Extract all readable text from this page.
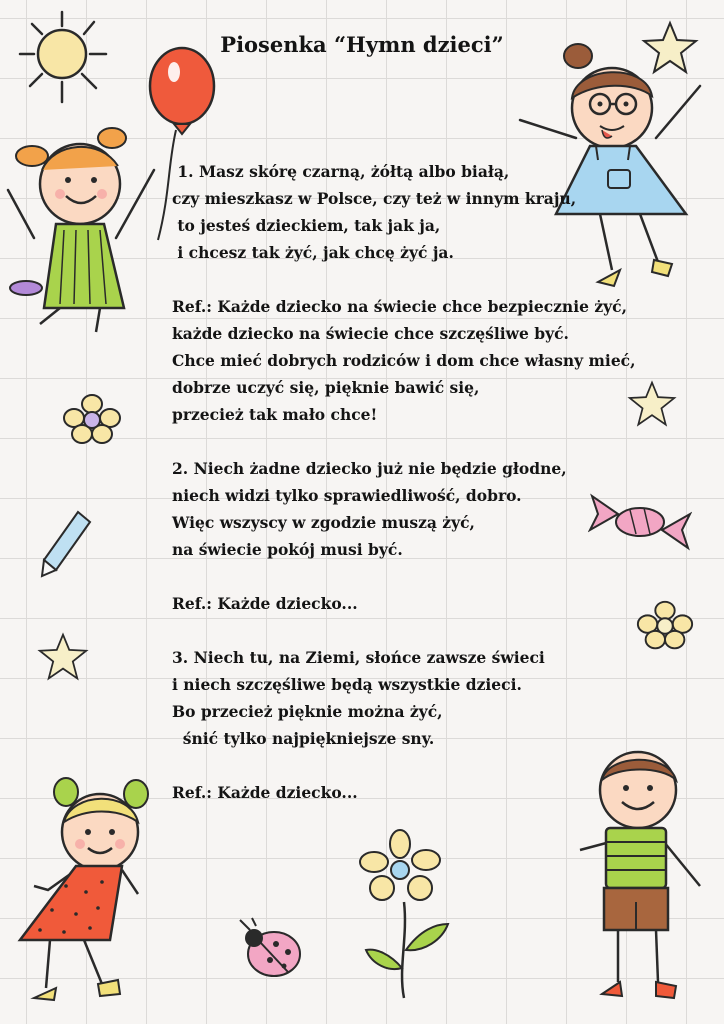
Piosenka “Hymn dzieci”
1. Masz skórę czarną, żółtą albo białą,
czy mieszkasz w Polsce, czy też w innym kraju,
to jesteś dzieckiem, tak jak ja,
i chcesz tak żyć, jak chcę żyć ja.
Ref.: Każde dziecko na świecie chce bezpiecznie żyć,
każde dziecko na świecie chce szczęśliwe być.
Chce mieć dobrych rodziców i dom chce własny mieć,
dobrze uczyć się, pięknie bawić się,
przecież tak mało chce!
2. Niech żadne dziecko już nie będzie głodne,
niech widzi tylko sprawiedliwość, dobro.
Więc wszyscy w zgodzie muszą żyć,
na świecie pokój musi być.
Ref.: Każde dziecko...
3. Niech tu, na Ziemi, słońce zawsze świeci
i niech szczęśliwe będą wszystkie dzieci.
Bo przecież pięknie można żyć,
śnić tylko najpiękniejsze sny.
Ref.: Każde dziecko...
